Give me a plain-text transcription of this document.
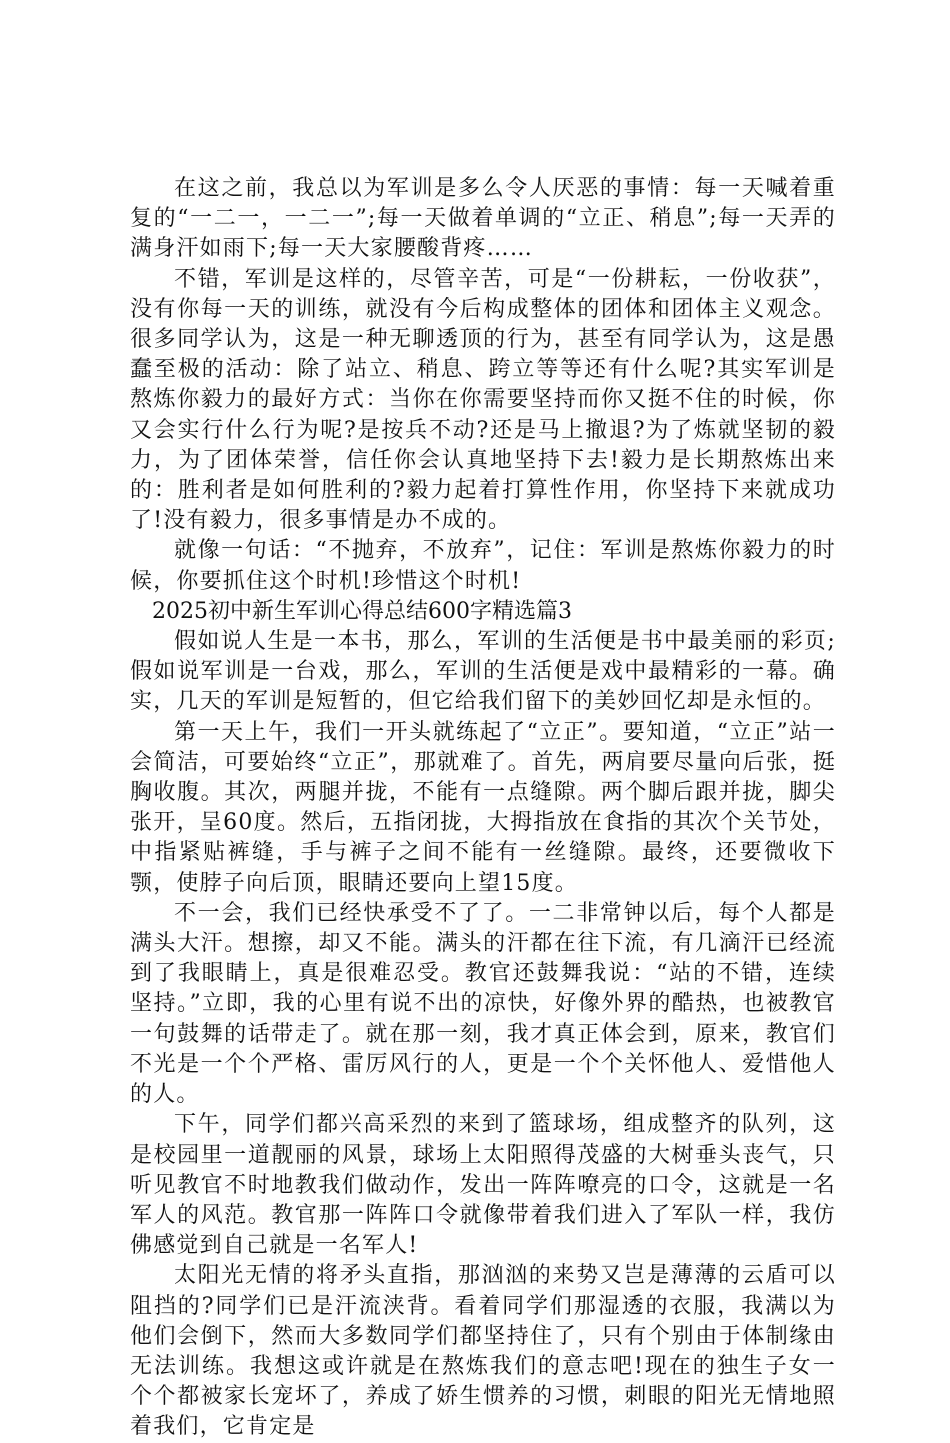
在这之前，我总以为军训是多么令人厌恶的事情：每一天喊着重复的“一二一，一二一”;每一天做着单调的“立正、稍息”;每一天弄的满身汗如雨下;每一天大家腰酸背疼……

不错，军训是这样的，尽管辛苦，可是“一份耕耘，一份收获”，没有你每一天的训练，就没有今后构成整体的团体和团体主义观念。很多同学认为，这是一种无聊透顶的行为，甚至有同学认为，这是愚蠢至极的活动：除了站立、稍息、跨立等等还有什么呢?其实军训是熬炼你毅力的最好方式：当你在你需要坚持而你又挺不住的时候，你又会实行什么行为呢?是按兵不动?还是马上撤退?为了炼就坚韧的毅力，为了团体荣誉，信任你会认真地坚持下去!毅力是长期熬炼出来的：胜利者是如何胜利的?毅力起着打算性作用，你坚持下来就成功了!没有毅力，很多事情是办不成的。

就像一句话：“不抛弃，不放弃”，记住：军训是熬炼你毅力的时候，你要抓住这个时机!珍惜这个时机!

2025初中新生军训心得总结600字精选篇3

假如说人生是一本书，那么，军训的生活便是书中最美丽的彩页;假如说军训是一台戏，那么，军训的生活便是戏中最精彩的一幕。确实，几天的军训是短暂的，但它给我们留下的美妙回忆却是永恒的。

第一天上午，我们一开头就练起了“立正”。要知道，“立正”站一会简洁，可要始终“立正”，那就难了。首先，两肩要尽量向后张，挺胸收腹。其次，两腿并拢，不能有一点缝隙。两个脚后跟并拢，脚尖张开，呈60度。然后，五指闭拢，大拇指放在食指的其次个关节处，中指紧贴裤缝，手与裤子之间不能有一丝缝隙。最终，还要微收下颚，使脖子向后顶，眼睛还要向上望15度。

不一会，我们已经快承受不了了。一二非常钟以后，每个人都是满头大汗。想擦，却又不能。满头的汗都在往下流，有几滴汗已经流到了我眼睛上，真是很难忍受。教官还鼓舞我说：“站的不错，连续坚持。”立即，我的心里有说不出的凉快，好像外界的酷热，也被教官一句鼓舞的话带走了。就在那一刻，我才真正体会到，原来，教官们不光是一个个严格、雷厉风行的人，更是一个个关怀他人、爱惜他人的人。

下午，同学们都兴高采烈的来到了篮球场，组成整齐的队列，这是校园里一道靓丽的风景，球场上太阳照得茂盛的大树垂头丧气，只听见教官不时地教我们做动作，发出一阵阵嘹亮的口令，这就是一名军人的风范。教官那一阵阵口令就像带着我们进入了军队一样，我仿佛感觉到自己就是一名军人!

太阳光无情的将矛头直指，那汹汹的来势又岂是薄薄的云盾可以阻挡的?同学们已是汗流浃背。看着同学们那湿透的衣服，我满以为他们会倒下，然而大多数同学们都坚持住了，只有个别由于体制缘由无法训练。我想这或许就是在熬炼我们的意志吧!现在的独生子女一个个都被家长宠坏了，养成了娇生惯养的习惯，刺眼的阳光无情地照着我们，它肯定是
